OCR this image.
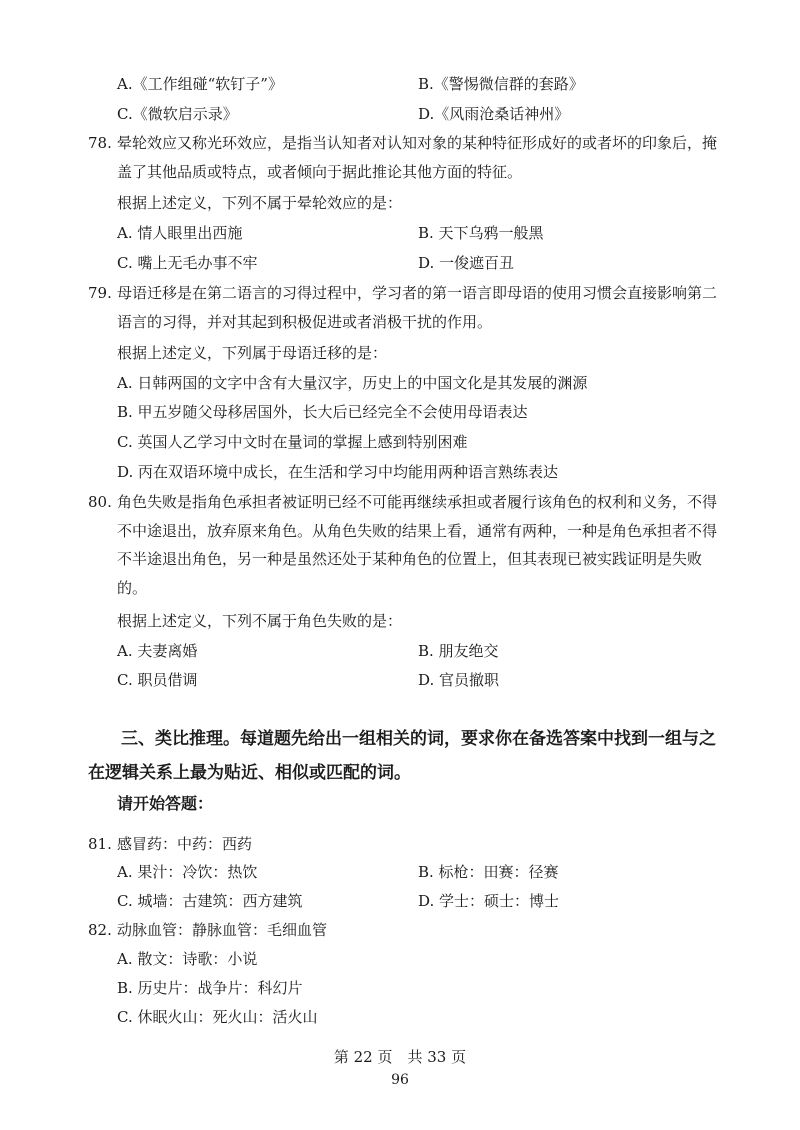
A.《工作组碰“软钉子”》	B.《警惕微信群的套路》
C.《微软启示录》	D.《风雨沧桑话神州》
78. 晕轮效应又称光环效应，是指当认知者对认知对象的某种特征形成好的或者坏的印象后，掩盖了其他品质或特点，或者倾向于据此推论其他方面的特征。
根据上述定义，下列不属于晕轮效应的是：
A. 情人眼里出西施	B. 天下乌鸦一般黑
C. 嘴上无毛办事不牢	D. 一俊遮百丑
79. 母语迁移是在第二语言的习得过程中，学习者的第一语言即母语的使用习惯会直接影响第二语言的习得，并对其起到积极促进或者消极干扰的作用。
根据上述定义，下列属于母语迁移的是：
A. 日韩两国的文字中含有大量汉字，历史上的中国文化是其发展的渊源
B. 甲五岁随父母移居国外，长大后已经完全不会使用母语表达
C. 英国人乙学习中文时在量词的掌握上感到特别困难
D. 丙在双语环境中成长，在生活和学习中均能用两种语言熟练表达
80. 角色失败是指角色承担者被证明已经不可能再继续承担或者履行该角色的权利和义务，不得不中途退出，放弃原来角色。从角色失败的结果上看，通常有两种，一种是角色承担者不得不半途退出角色，另一种是虽然还处于某种角色的位置上，但其表现已被实践证明是失败的。
根据上述定义，下列不属于角色失败的是：
A. 夫妻离婚	B. 朋友绝交
C. 职员借调	D. 官员撤职
三、类比推理。每道题先给出一组相关的词，要求你在备选答案中找到一组与之在逻辑关系上最为贴近、相似或匹配的词。
请开始答题：
81. 感冒药：中药：西药
A. 果汁：冷饮：热饮	B. 标枪：田赛：径赛
C. 城墙：古建筑：西方建筑	D. 学士：硕士：博士
82. 动脉血管：静脉血管：毛细血管
A. 散文：诗歌：小说
B. 历史片：战争片：科幻片
C. 休眠火山：死火山：活火山
第 22 页　共 33 页
96
